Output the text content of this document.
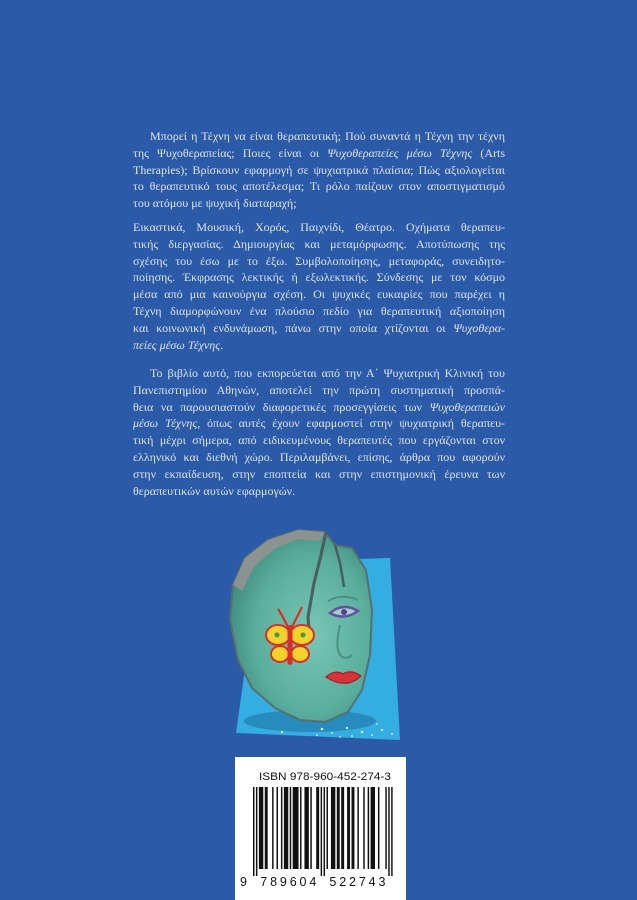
Μπορεί η Τέχνη να είναι θεραπευτική; Πού συναντά η Τέχνη την τέχνη
της Ψυχοθεραπείας; Ποιες είναι οι Ψυχοθεραπείες μέσω Τέχνης (Arts
Therapies); Βρίσκουν εφαρμογή σε ψυχιατρικά πλαίσια; Πώς αξιολογείται
το θεραπευτικό τους αποτέλεσμα; Τι ρόλο παίζουν στον αποστιγματισμό
του ατόμου με ψυχική διαταραχή;
Εικαστικά, Μουσική, Χορός, Παιχνίδι, Θέατρο. Οχήματα θεραπευ-
τικής διεργασίας. Δημιουργίας και μεταμόρφωσης. Αποτύπωσης της
σχέσης του έσω με το έξω. Συμβολοποίησης, μεταφοράς, συνειδητο-
ποίησης. Έκφρασης λεκτικής ή εξωλεκτικής. Σύνδεσης με τον κόσμο
μέσα από μια καινούργια σχέση. Οι ψυχικές ευκαιρίες που παρέχει η
Τέχνη διαμορφώνουν ένα πλούσιο πεδίο για θεραπευτική αξιοποίηση
και κοινωνική ενδυνάμωση, πάνω στην οποία χτίζονται οι Ψυχοθερα-
πείες μέσω Τέχνης.
Το βιβλίο αυτό, που εκπορεύεται από την Α΄ Ψυχιατρική Κλινική του
Πανεπιστημίου Αθηνών, αποτελεί την πρώτη συστηματική προσπά-
θεια να παρουσιαστούν διαφορετικές προσεγγίσεις των Ψυχοθεραπειών
μέσω Τέχνης, όπως αυτές έχουν εφαρμοστεί στην ψυχιατρική θεραπευ-
τική μέχρι σήμερα, από ειδικευμένους θεραπευτές που εργάζονται στον
ελληνικό και διεθνή χώρο. Περιλαμβάνει, επίσης, άρθρα που αφορούν
στην εκπαίδευση, στην εποπτεία και στην επιστημονική έρευνα των
θεραπευτικών αυτών εφαρμογών.
ISBN 978-960-452-274-3
9 789604 522743
